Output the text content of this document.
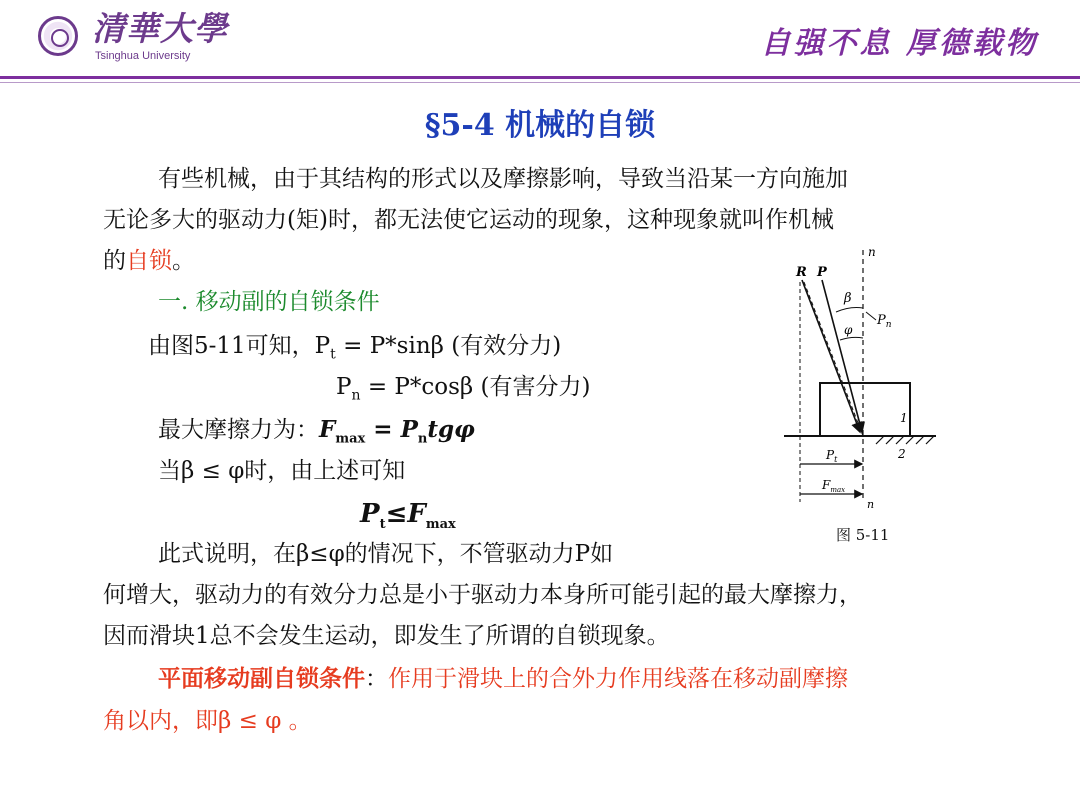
清華大學
Tsinghua University	自强不息 厚德载物
§5-4 机械的自锁
有些机械，由于其结构的形式以及摩擦影响，导致当沿某一方向施加
无论多大的驱动力(矩)时，都无法使它运动的现象，这种现象就叫作机械
的自锁。
一. 移动副的自锁条件
由图5-11可知，$P_t = P*\sin\beta$ (有效分力)
$P_n = P*\cos\beta$ (有害分力)
最大摩擦力为：$F_{max} = P_ntg\varphi$
当β ≤ φ时，由上述可知
$P_t\le F_{max}$
此式说明，在β≤φ的情况下，不管驱动力P如
何增大，驱动力的有效分力总是小于驱动力本身所可能引起的最大摩擦力，
因而滑块1总不会发生运动，即发生了所谓的自锁现象。
平面移动副自锁条件：作用于滑块上的合外力作用线落在移动副摩擦
角以内，即β ≤ φ 。
n
R P
β
$P_n$
φ
1
2
$P_t$
$F_{max}$
n
图 5-11
